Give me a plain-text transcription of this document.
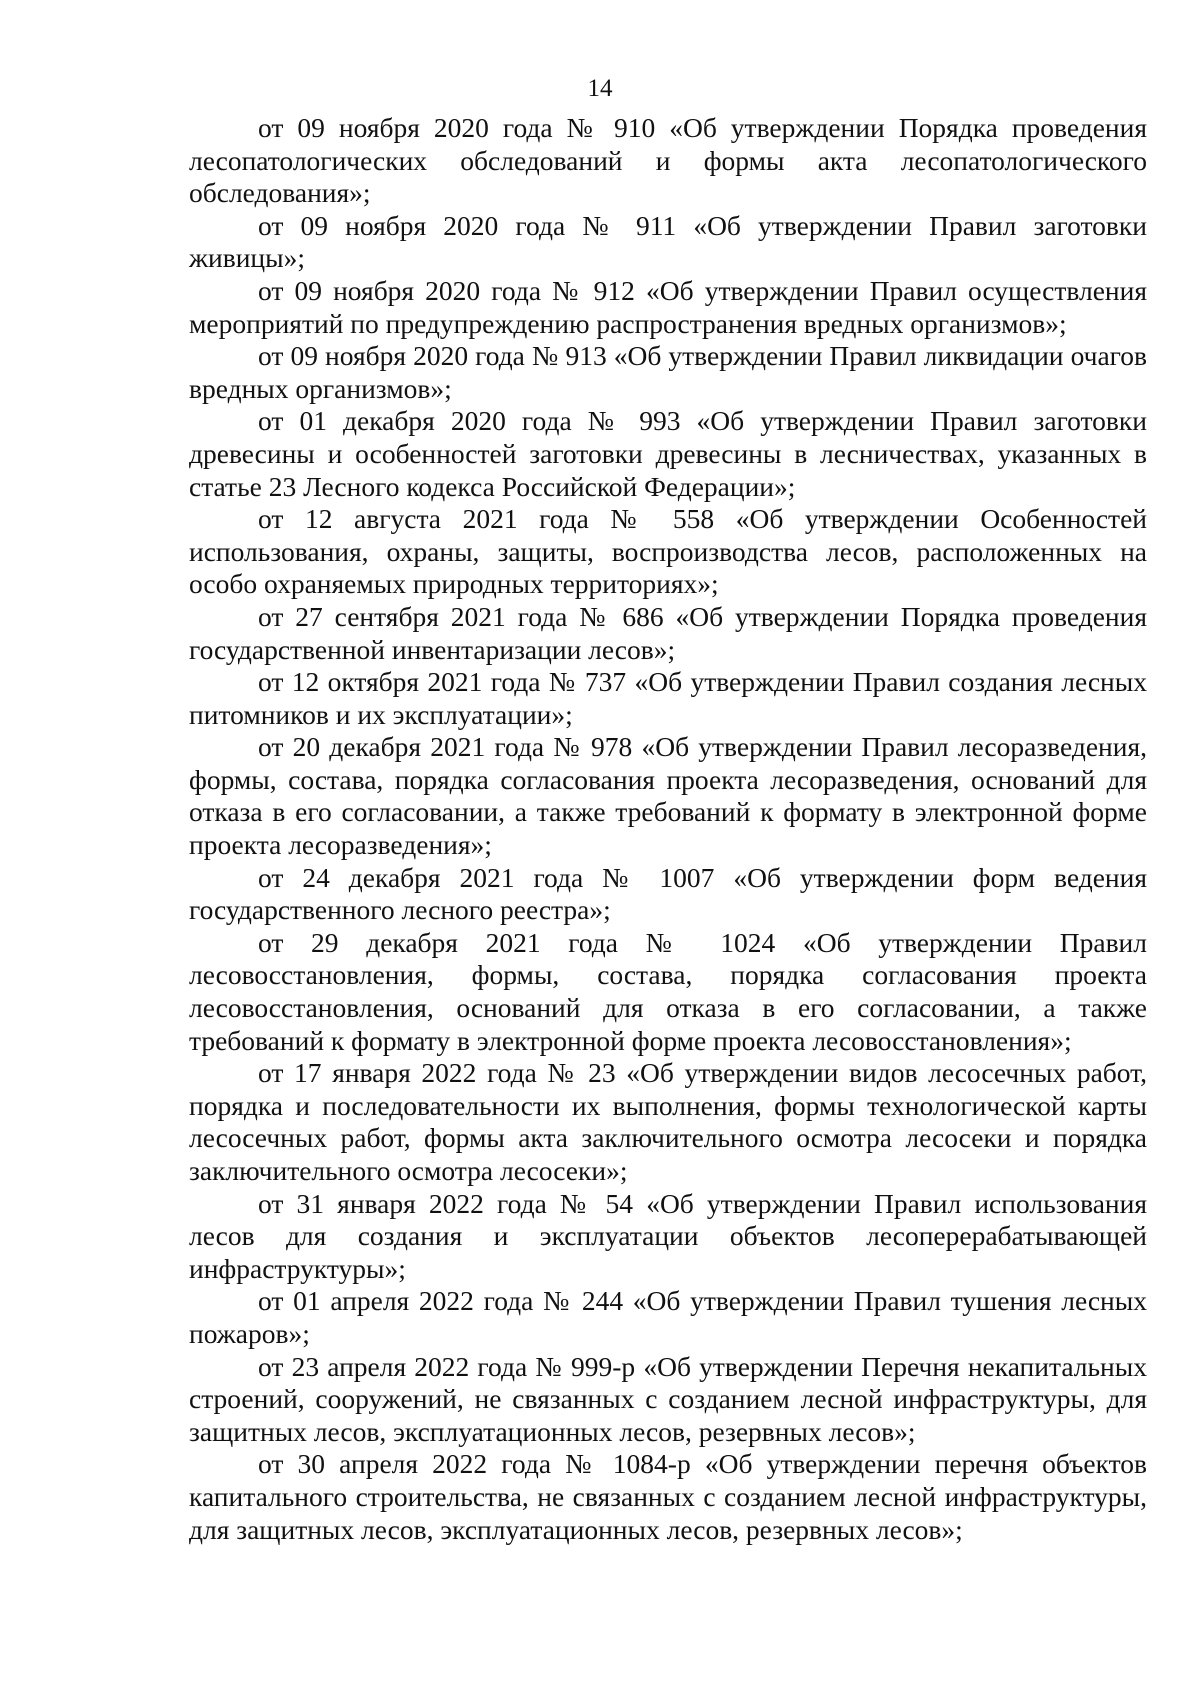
14

от 09 ноября 2020 года № 910 «Об утверждении Порядка проведения лесопатологических обследований и формы акта лесопатологического обследования»;

от 09 ноября 2020 года № 911 «Об утверждении Правил заготовки живицы»;

от 09 ноября 2020 года № 912 «Об утверждении Правил осуществления мероприятий по предупреждению распространения вредных организмов»;

от 09 ноября 2020 года № 913 «Об утверждении Правил ликвидации очагов вредных организмов»;

от 01 декабря 2020 года № 993 «Об утверждении Правил заготовки древесины и особенностей заготовки древесины в лесничествах, указанных в статье 23 Лесного кодекса Российской Федерации»;

от 12 августа 2021 года № 558 «Об утверждении Особенностей использования, охраны, защиты, воспроизводства лесов, расположенных на особо охраняемых природных территориях»;

от 27 сентября 2021 года № 686 «Об утверждении Порядка проведения государственной инвентаризации лесов»;

от 12 октября 2021 года № 737 «Об утверждении Правил создания лесных питомников и их эксплуатации»;

от 20 декабря 2021 года № 978 «Об утверждении Правил лесоразведения, формы, состава, порядка согласования проекта лесоразведения, оснований для отказа в его согласовании, а также требований к формату в электронной форме проекта лесоразведения»;

от 24 декабря 2021 года № 1007 «Об утверждении форм ведения государственного лесного реестра»;

от 29 декабря 2021 года № 1024 «Об утверждении Правил лесовосстановления, формы, состава, порядка согласования проекта лесовосстановления, оснований для отказа в его согласовании, а также требований к формату в электронной форме проекта лесовосстановления»;

от 17 января 2022 года № 23 «Об утверждении видов лесосечных работ, порядка и последовательности их выполнения, формы технологической карты лесосечных работ, формы акта заключительного осмотра лесосеки и порядка заключительного осмотра лесосеки»;

от 31 января 2022 года № 54 «Об утверждении Правил использования лесов для создания и эксплуатации объектов лесоперерабатывающей инфраструктуры»;

от 01 апреля 2022 года № 244 «Об утверждении Правил тушения лесных пожаров»;

от 23 апреля 2022 года № 999-р «Об утверждении Перечня некапитальных строений, сооружений, не связанных с созданием лесной инфраструктуры, для защитных лесов, эксплуатационных лесов, резервных лесов»;

от 30 апреля 2022 года № 1084-р «Об утверждении перечня объектов капитального строительства, не связанных с созданием лесной инфраструктуры, для защитных лесов, эксплуатационных лесов, резервных лесов»;
